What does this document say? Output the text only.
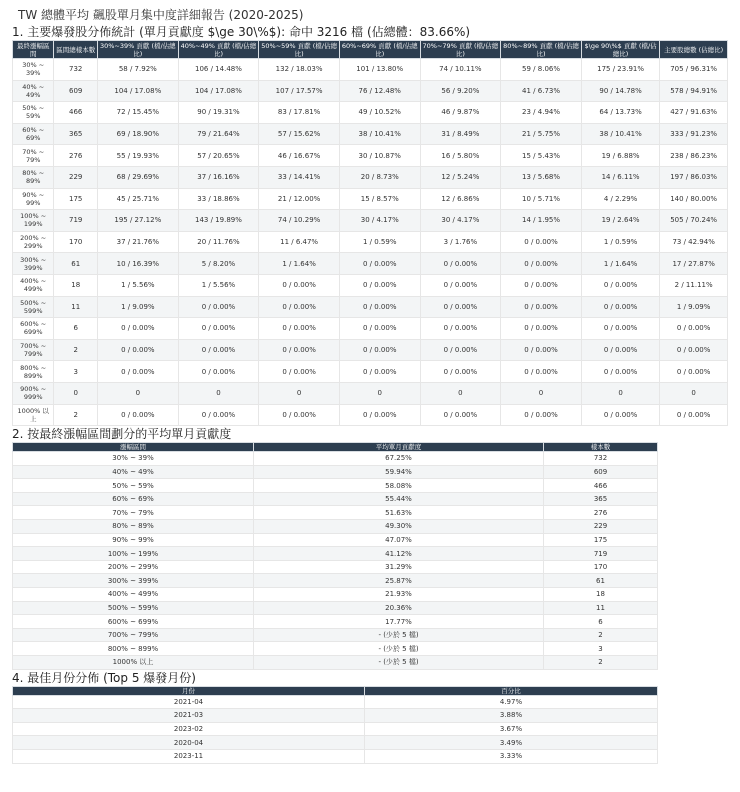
TW 總體平均 飆股單月集中度詳細報告 (2020-2025)
1. 主要爆發股分佈統計 (單月貢獻度 $\ge 30\%$): 命中 3216 檔 (佔總體：83.66%)
最終漲幅區間	區間總樣本數	30%~39% 貢獻 (檔/佔總比)	40%~49% 貢獻 (檔/佔總比)	50%~59% 貢獻 (檔/佔總比)	60%~69% 貢獻 (檔/佔總比)	70%~79% 貢獻 (檔/佔總比)	80%~89% 貢獻 (檔/佔總比)	$\ge 90\%$ 貢獻 (檔/佔總比)	主要股總數 (佔總比)
30% ~ 39%	732	58 / 7.92%	106 / 14.48%	132 / 18.03%	101 / 13.80%	74 / 10.11%	59 / 8.06%	175 / 23.91%	705 / 96.31%
40% ~ 49%	609	104 / 17.08%	104 / 17.08%	107 / 17.57%	76 / 12.48%	56 / 9.20%	41 / 6.73%	90 / 14.78%	578 / 94.91%
50% ~ 59%	466	72 / 15.45%	90 / 19.31%	83 / 17.81%	49 / 10.52%	46 / 9.87%	23 / 4.94%	64 / 13.73%	427 / 91.63%
60% ~ 69%	365	69 / 18.90%	79 / 21.64%	57 / 15.62%	38 / 10.41%	31 / 8.49%	21 / 5.75%	38 / 10.41%	333 / 91.23%
70% ~ 79%	276	55 / 19.93%	57 / 20.65%	46 / 16.67%	30 / 10.87%	16 / 5.80%	15 / 5.43%	19 / 6.88%	238 / 86.23%
80% ~ 89%	229	68 / 29.69%	37 / 16.16%	33 / 14.41%	20 / 8.73%	12 / 5.24%	13 / 5.68%	14 / 6.11%	197 / 86.03%
90% ~ 99%	175	45 / 25.71%	33 / 18.86%	21 / 12.00%	15 / 8.57%	12 / 6.86%	10 / 5.71%	4 / 2.29%	140 / 80.00%
100% ~ 199%	719	195 / 27.12%	143 / 19.89%	74 / 10.29%	30 / 4.17%	30 / 4.17%	14 / 1.95%	19 / 2.64%	505 / 70.24%
200% ~ 299%	170	37 / 21.76%	20 / 11.76%	11 / 6.47%	1 / 0.59%	3 / 1.76%	0 / 0.00%	1 / 0.59%	73 / 42.94%
300% ~ 399%	61	10 / 16.39%	5 / 8.20%	1 / 1.64%	0 / 0.00%	0 / 0.00%	0 / 0.00%	1 / 1.64%	17 / 27.87%
400% ~ 499%	18	1 / 5.56%	1 / 5.56%	0 / 0.00%	0 / 0.00%	0 / 0.00%	0 / 0.00%	0 / 0.00%	2 / 11.11%
500% ~ 599%	11	1 / 9.09%	0 / 0.00%	0 / 0.00%	0 / 0.00%	0 / 0.00%	0 / 0.00%	0 / 0.00%	1 / 9.09%
600% ~ 699%	6	0 / 0.00%	0 / 0.00%	0 / 0.00%	0 / 0.00%	0 / 0.00%	0 / 0.00%	0 / 0.00%	0 / 0.00%
700% ~ 799%	2	0 / 0.00%	0 / 0.00%	0 / 0.00%	0 / 0.00%	0 / 0.00%	0 / 0.00%	0 / 0.00%	0 / 0.00%
800% ~ 899%	3	0 / 0.00%	0 / 0.00%	0 / 0.00%	0 / 0.00%	0 / 0.00%	0 / 0.00%	0 / 0.00%	0 / 0.00%
900% ~ 999%	0	0	0	0	0	0	0	0	0
1000% 以上	2	0 / 0.00%	0 / 0.00%	0 / 0.00%	0 / 0.00%	0 / 0.00%	0 / 0.00%	0 / 0.00%	0 / 0.00%
2. 按最終漲幅區間劃分的平均單月貢獻度
漲幅區間	平均單月貢獻度	樣本數
30% ~ 39%	67.25%	732
40% ~ 49%	59.94%	609
50% ~ 59%	58.08%	466
60% ~ 69%	55.44%	365
70% ~ 79%	51.63%	276
80% ~ 89%	49.30%	229
90% ~ 99%	47.07%	175
100% ~ 199%	41.12%	719
200% ~ 299%	31.29%	170
300% ~ 399%	25.87%	61
400% ~ 499%	21.93%	18
500% ~ 599%	20.36%	11
600% ~ 699%	17.77%	6
700% ~ 799%	- (少於 5 檔)	2
800% ~ 899%	- (少於 5 檔)	3
1000% 以上	- (少於 5 檔)	2
4. 最佳月份分佈 (Top 5 爆發月份)
月份	百分比
2021-04	4.97%
2021-03	3.88%
2023-02	3.67%
2020-04	3.49%
2023-11	3.33%
